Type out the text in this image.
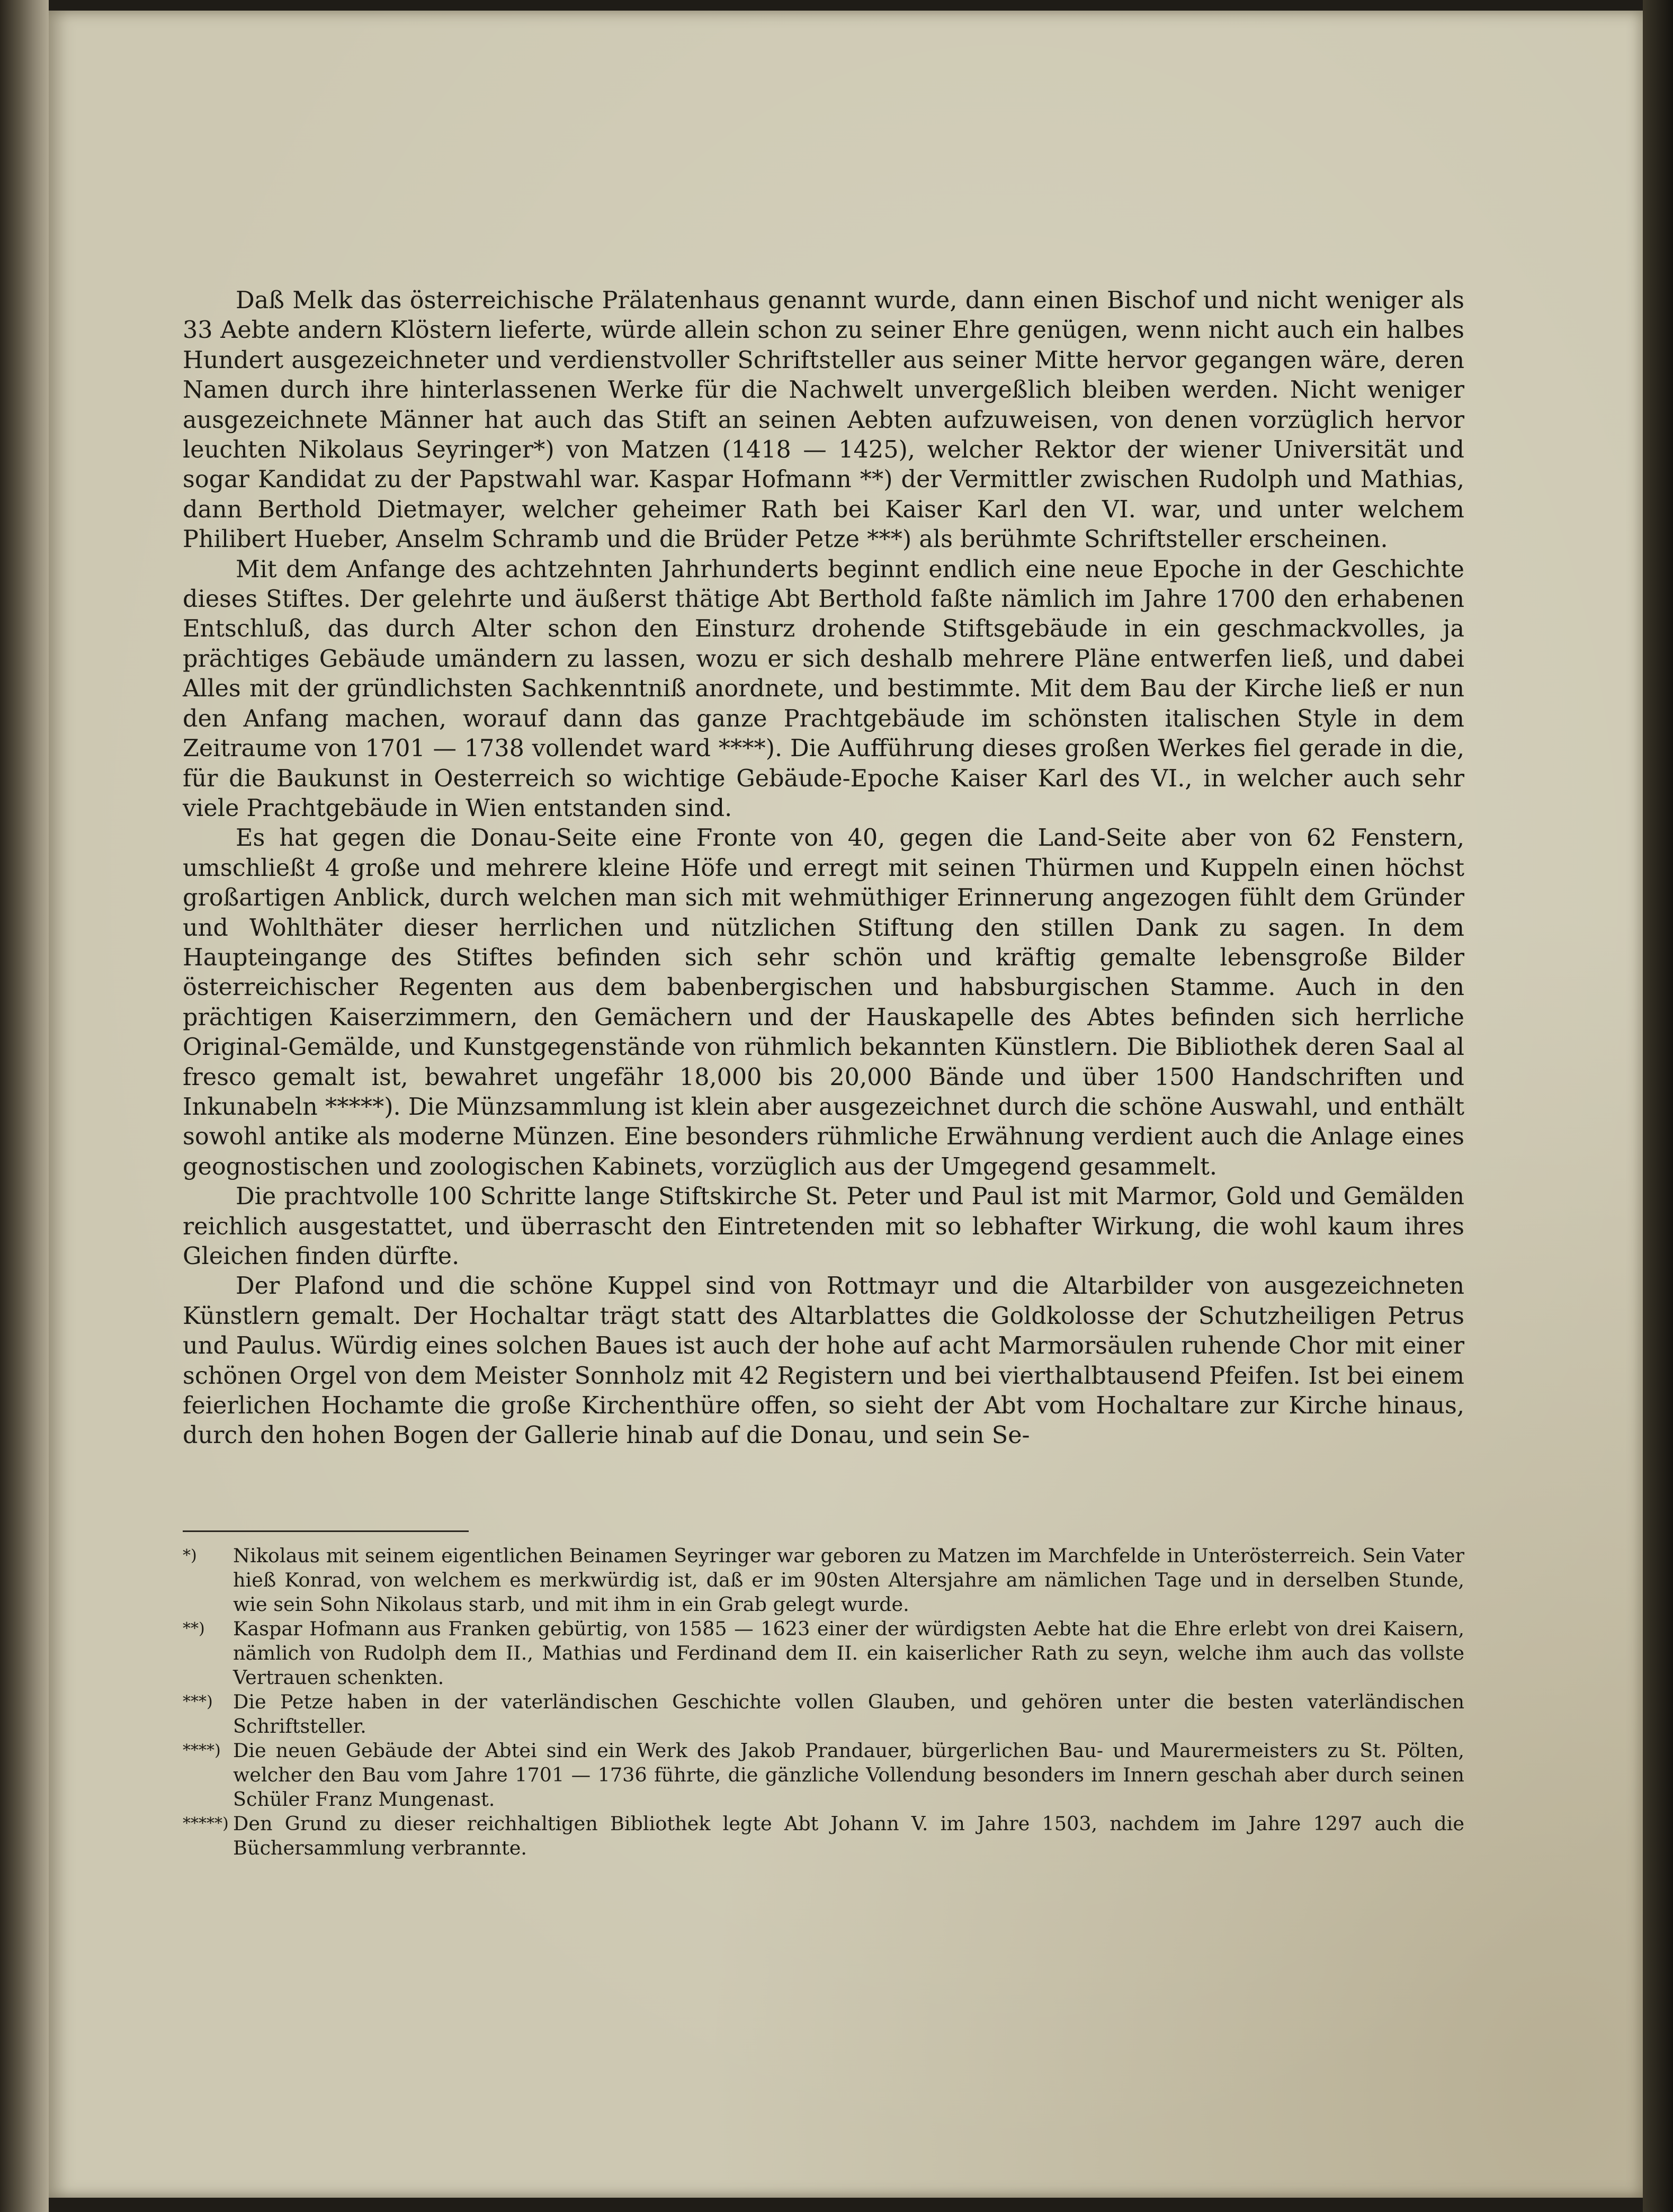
Daß Melk das österreichische Prälatenhaus genannt wurde, dann einen Bischof und nicht weniger als 33 Aebte andern Klöstern lieferte, würde allein schon zu seiner Ehre genügen, wenn nicht auch ein halbes Hundert ausgezeichneter und verdienstvoller Schriftsteller aus seiner Mitte hervor gegangen wäre, deren Namen durch ihre hinterlassenen Werke für die Nachwelt unvergeßlich bleiben werden. Nicht weniger ausgezeichnete Männer hat auch das Stift an seinen Aebten aufzuweisen, von denen vorzüglich hervor leuchten Nikolaus Seyringer*) von Matzen (1418 — 1425), welcher Rektor der wiener Universität und sogar Kandidat zu der Papstwahl war. Kaspar Hofmann **) der Vermittler zwischen Rudolph und Mathias, dann Berthold Dietmayer, welcher geheimer Rath bei Kaiser Karl den VI. war, und unter welchem Philibert Hueber, Anselm Schramb und die Brüder Petze ***) als berühmte Schriftsteller erscheinen.

Mit dem Anfange des achtzehnten Jahrhunderts beginnt endlich eine neue Epoche in der Geschichte dieses Stiftes. Der gelehrte und äußerst thätige Abt Berthold faßte nämlich im Jahre 1700 den erhabenen Entschluß, das durch Alter schon den Einsturz drohende Stiftsgebäude in ein geschmackvolles, ja prächtiges Gebäude umändern zu lassen, wozu er sich deshalb mehrere Pläne entwerfen ließ, und dabei Alles mit der gründlichsten Sachkenntniß anordnete, und bestimmte. Mit dem Bau der Kirche ließ er nun den Anfang machen, worauf dann das ganze Prachtgebäude im schönsten italischen Style in dem Zeitraume von 1701 — 1738 vollendet ward ****). Die Aufführung dieses großen Werkes fiel gerade in die, für die Baukunst in Oesterreich so wichtige Gebäude-Epoche Kaiser Karl des VI., in welcher auch sehr viele Prachtgebäude in Wien entstanden sind.

Es hat gegen die Donau-Seite eine Fronte von 40, gegen die Land-Seite aber von 62 Fenstern, umschließt 4 große und mehrere kleine Höfe und erregt mit seinen Thürmen und Kuppeln einen höchst großartigen Anblick, durch welchen man sich mit wehmüthiger Erinnerung angezogen fühlt dem Gründer und Wohlthäter dieser herrlichen und nützlichen Stiftung den stillen Dank zu sagen. In dem Haupteingange des Stiftes befinden sich sehr schön und kräftig gemalte lebensgroße Bilder österreichischer Regenten aus dem babenbergischen und habsburgischen Stamme. Auch in den prächtigen Kaiserzimmern, den Gemächern und der Hauskapelle des Abtes befinden sich herrliche Original-Gemälde, und Kunstgegenstände von rühmlich bekannten Künstlern. Die Bibliothek deren Saal al fresco gemalt ist, bewahret ungefähr 18,000 bis 20,000 Bände und über 1500 Handschriften und Inkunabeln *****). Die Münzsammlung ist klein aber ausgezeichnet durch die schöne Auswahl, und enthält sowohl antike als moderne Münzen. Eine besonders rühmliche Erwähnung verdient auch die Anlage eines geognostischen und zoologischen Kabinets, vorzüglich aus der Umgegend gesammelt.

Die prachtvolle 100 Schritte lange Stiftskirche St. Peter und Paul ist mit Marmor, Gold und Gemälden reichlich ausgestattet, und überrascht den Eintretenden mit so lebhafter Wirkung, die wohl kaum ihres Gleichen finden dürfte.

Der Plafond und die schöne Kuppel sind von Rottmayr und die Altarbilder von ausgezeichneten Künstlern gemalt. Der Hochaltar trägt statt des Altarblattes die Goldkolosse der Schutzheiligen Petrus und Paulus. Würdig eines solchen Baues ist auch der hohe auf acht Marmorsäulen ruhende Chor mit einer schönen Orgel von dem Meister Sonnholz mit 42 Registern und bei vierthalbtausend Pfeifen. Ist bei einem feierlichen Hochamte die große Kirchenthüre offen, so sieht der Abt vom Hochaltare zur Kirche hinaus, durch den hohen Bogen der Gallerie hinab auf die Donau, und sein Se-

*) Nikolaus mit seinem eigentlichen Beinamen Seyringer war geboren zu Matzen im Marchfelde in Unterösterreich. Sein Vater hieß Konrad, von welchem es merkwürdig ist, daß er im 90sten Altersjahre am nämlichen Tage und in derselben Stunde, wie sein Sohn Nikolaus starb, und mit ihm in ein Grab gelegt wurde.

**) Kaspar Hofmann aus Franken gebürtig, von 1585 — 1623 einer der würdigsten Aebte hat die Ehre erlebt von drei Kaisern, nämlich von Rudolph dem II., Mathias und Ferdinand dem II. ein kaiserlicher Rath zu seyn, welche ihm auch das vollste Vertrauen schenkten.

***) Die Petze haben in der vaterländischen Geschichte vollen Glauben, und gehören unter die besten vaterländischen Schriftsteller.

****) Die neuen Gebäude der Abtei sind ein Werk des Jakob Prandauer, bürgerlichen Bau- und Maurermeisters zu St. Pölten, welcher den Bau vom Jahre 1701 — 1736 führte, die gänzliche Vollendung besonders im Innern geschah aber durch seinen Schüler Franz Mungenast.

*****) Den Grund zu dieser reichhaltigen Bibliothek legte Abt Johann V. im Jahre 1503, nachdem im Jahre 1297 auch die Büchersammlung verbrannte.
